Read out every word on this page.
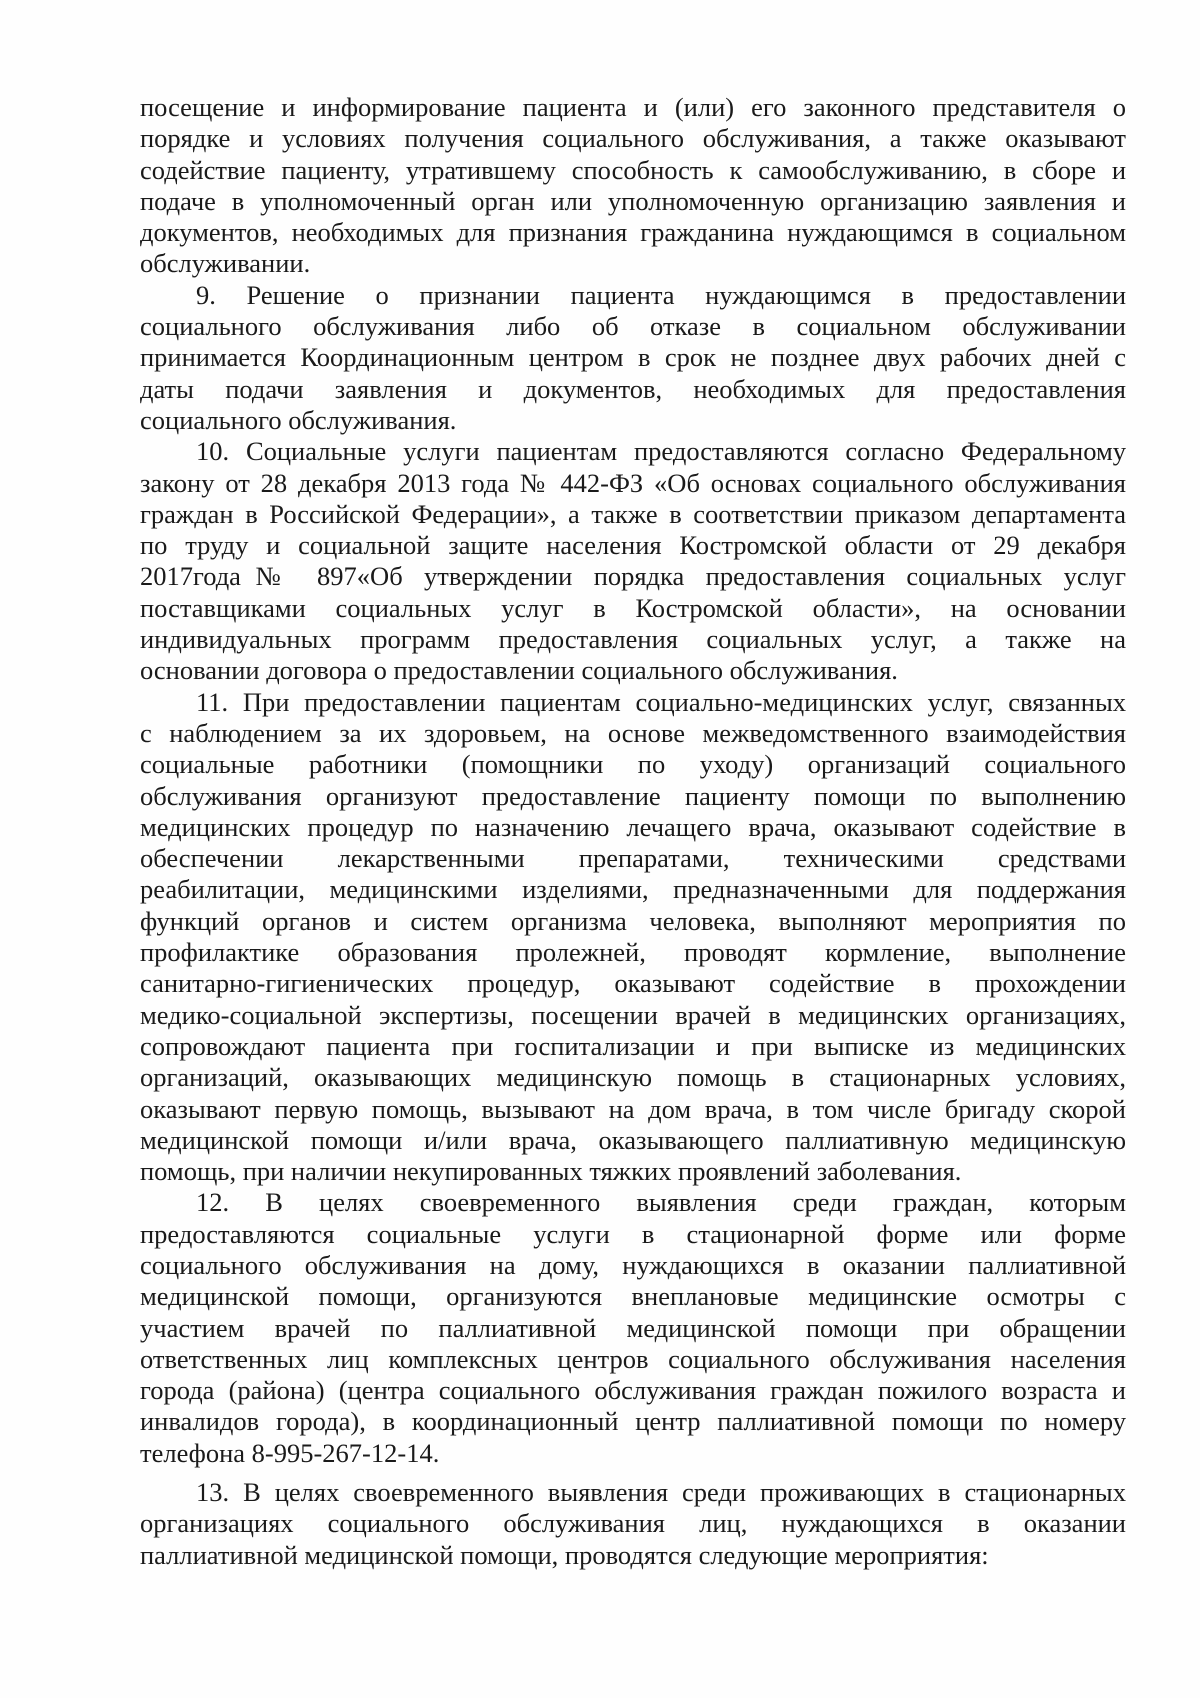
посещение и информирование пациента и (или) его законного представителя о
порядке и условиях получения социального обслуживания, а также оказывают
содействие пациенту, утратившему способность к самообслуживанию, в сборе и
подаче в уполномоченный орган или уполномоченную организацию заявления и
документов, необходимых для признания гражданина нуждающимся в социальном
обслуживании.
9. Решение о признании пациента нуждающимся в предоставлении
социального обслуживания либо об отказе в социальном обслуживании
принимается Координационным центром в срок не позднее двух рабочих дней с
даты подачи заявления и документов, необходимых для предоставления
социального обслуживания.
10. Социальные услуги пациентам предоставляются согласно Федеральному
закону от 28 декабря 2013 года № 442-ФЗ «Об основах социального обслуживания
граждан в Российской Федерации», а также в соответствии приказом департамента
по труду и социальной защите населения Костромской области от 29 декабря
2017года№ 897«Об утверждении порядка предоставления социальных услуг
поставщиками социальных услуг в Костромской области», на основании
индивидуальных программ предоставления социальных услуг, а также на
основании договора о предоставлении социального обслуживания.
11. При предоставлении пациентам социально-медицинских услуг, связанных
с наблюдением за их здоровьем, на основе межведомственного взаимодействия
социальные работники (помощники по уходу) организаций социального
обслуживания организуют предоставление пациенту помощи по выполнению
медицинских процедур по назначению лечащего врача, оказывают содействие в
обеспечении лекарственными препаратами, техническими средствами
реабилитации, медицинскими изделиями, предназначенными для поддержания
функций органов и систем организма человека, выполняют мероприятия по
профилактике образования пролежней, проводят кормление, выполнение
санитарно-гигиенических процедур, оказывают содействие в прохождении
медико-социальной экспертизы, посещении врачей в медицинских организациях,
сопровождают пациента при госпитализации и при выписке из медицинских
организаций, оказывающих медицинскую помощь в стационарных условиях,
оказывают первую помощь, вызывают на дом врача, в том числе бригаду скорой
медицинской помощи и/или врача, оказывающего паллиативную медицинскую
помощь, при наличии некупированных тяжких проявлений заболевания.
12. В целях своевременного выявления среди граждан, которым
предоставляются социальные услуги в стационарной форме или форме
социального обслуживания на дому, нуждающихся в оказании паллиативной
медицинской помощи, организуются внеплановые медицинские осмотры с
участием врачей по паллиативной медицинской помощи при обращении
ответственных лиц комплексных центров социального обслуживания населения
города (района) (центра социального обслуживания граждан пожилого возраста и
инвалидов города), в координационный центр паллиативной помощи по номеру
телефона 8-995-267-12-14.
13. В целях своевременного выявления среди проживающих в стационарных
организациях социального обслуживания лиц, нуждающихся в оказании
паллиативной медицинской помощи, проводятся следующие мероприятия:
